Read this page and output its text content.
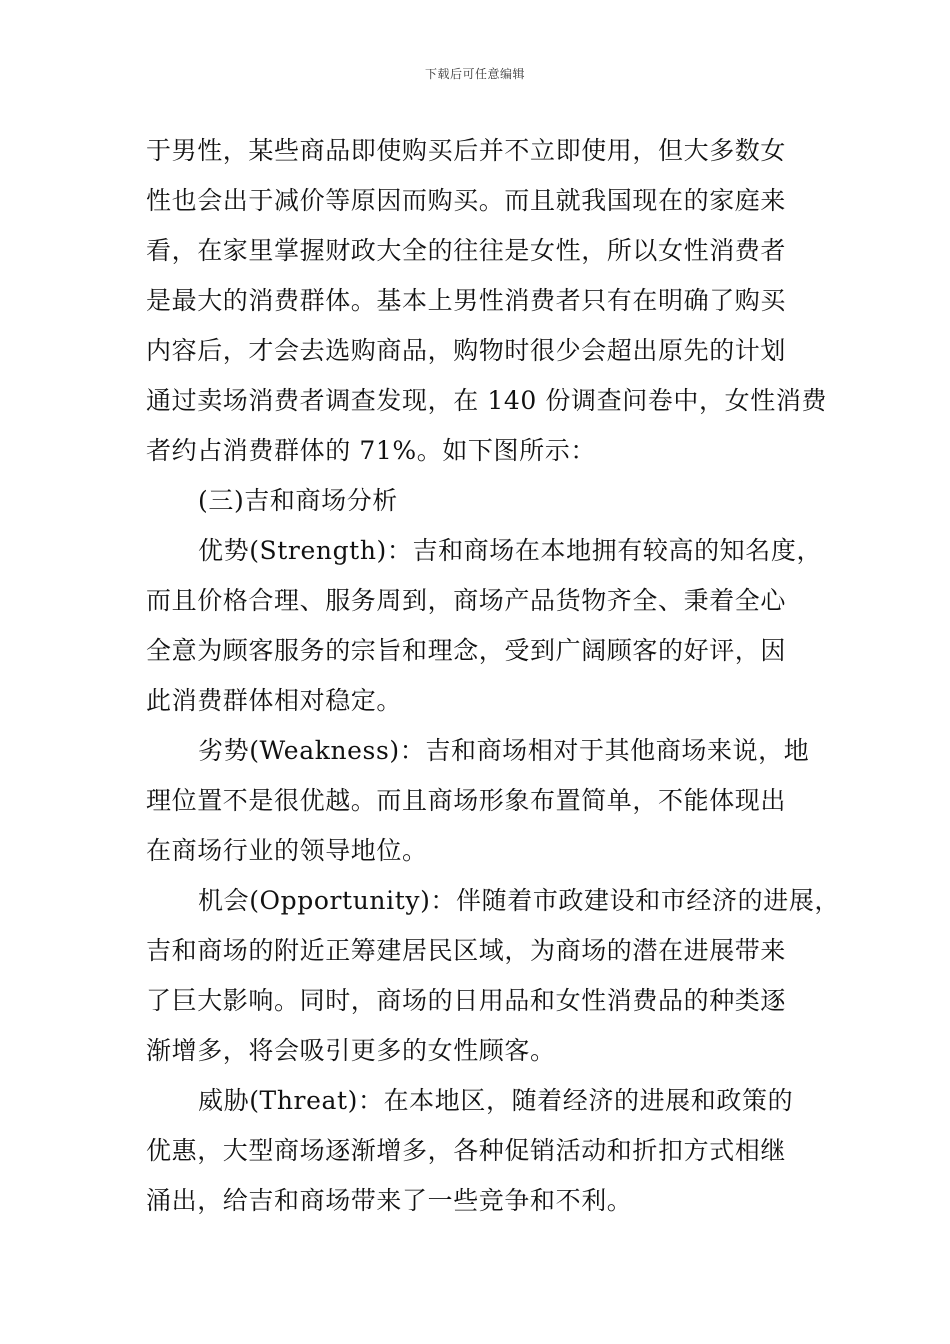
下载后可任意编辑
于男性，某些商品即使购买后并不立即使用，但大多数女
性也会出于减价等原因而购买。而且就我国现在的家庭来
看，在家里掌握财政大全的往往是女性，所以女性消费者
是最大的消费群体。基本上男性消费者只有在明确了购买
内容后，才会去选购商品，购物时很少会超出原先的计划
通过卖场消费者调查发现，在 140 份调查问卷中，女性消费
者约占消费群体的 71%。如下图所示：
(三)吉和商场分析
优势(Strength)：吉和商场在本地拥有较高的知名度，
而且价格合理、服务周到，商场产品货物齐全、秉着全心
全意为顾客服务的宗旨和理念，受到广阔顾客的好评，因
此消费群体相对稳定。
劣势(Weakness)：吉和商场相对于其他商场来说，地
理位置不是很优越。而且商场形象布置简单，不能体现出
在商场行业的领导地位。
机会(Opportunity)：伴随着市政建设和市经济的进展，
吉和商场的附近正筹建居民区域，为商场的潜在进展带来
了巨大影响。同时，商场的日用品和女性消费品的种类逐
渐增多，将会吸引更多的女性顾客。
威胁(Threat)：在本地区，随着经济的进展和政策的
优惠，大型商场逐渐增多，各种促销活动和折扣方式相继
涌出，给吉和商场带来了一些竞争和不利。
